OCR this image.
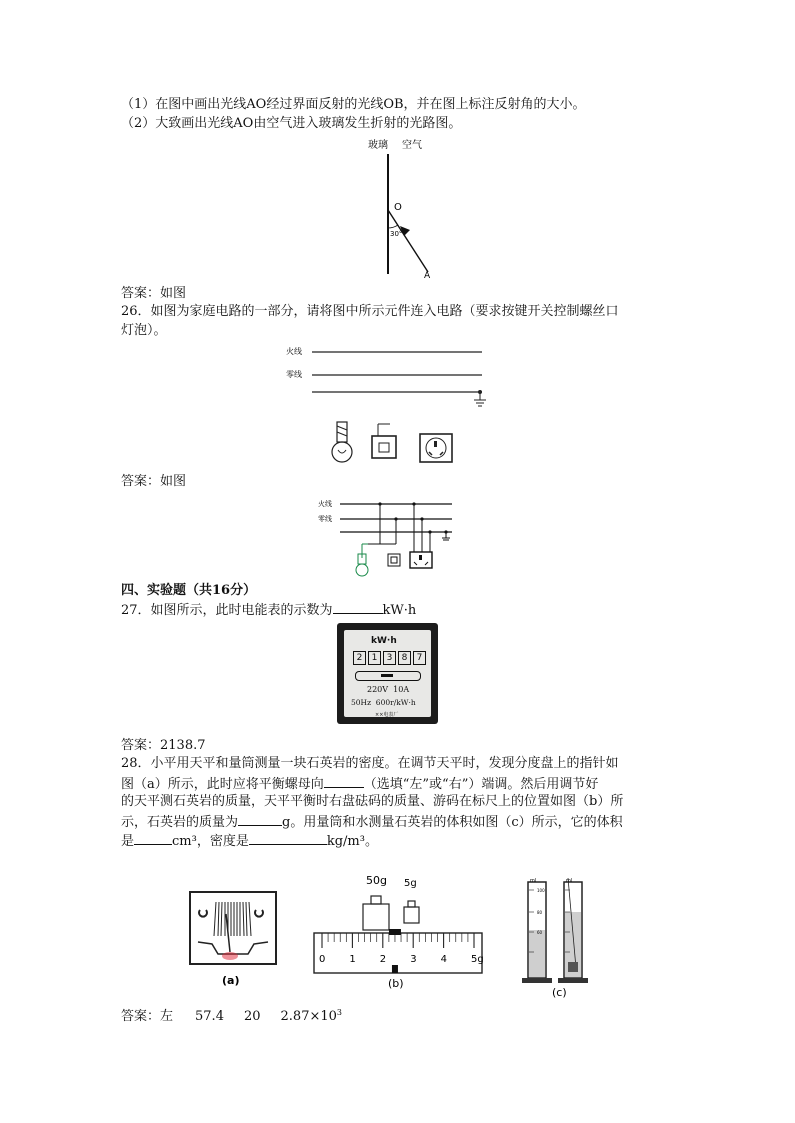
（1）在图中画出光线AO经过界面反射的光线OB，并在图上标注反射角的大小。
（2）大致画出光线AO由空气进入玻璃发生折射的光路图。
玻璃 空气
O
30°
A
答案：如图
26．如图为家庭电路的一部分，请将图中所示元件连入电路（要求按键开关控制螺丝口
灯泡）。
火线
零线
答案：如图
火线
零线
四、实验题（共16分）
27．如图所示，此时电能表的示数为	kW·h
kW·h
2	1	3	8	7
220V  10A
50Hz  600r/kW·h
××电表厂
答案：2138.7
28．小平用天平和量筒测量一块石英岩的密度。在调节天平时，发现分度盘上的指针如
图（a）所示，此时应将平衡螺母向	（选填“左”或“右”）端调。然后用调节好
的天平测石英岩的质量，天平平衡时右盘砝码的质量、游码在标尺上的位置如图（b）所
示，石英岩的质量为	g。用量筒和水测量石英岩的体积如图（c）所示，它的体积
是	cm³，密度是	kg/m³。
(a)
50g 5g
0 1 2 3 4 5g
(b)
ml
100
80
60
ml
(c)
答案：左 57.4 20 $2.87\times 10^3$
